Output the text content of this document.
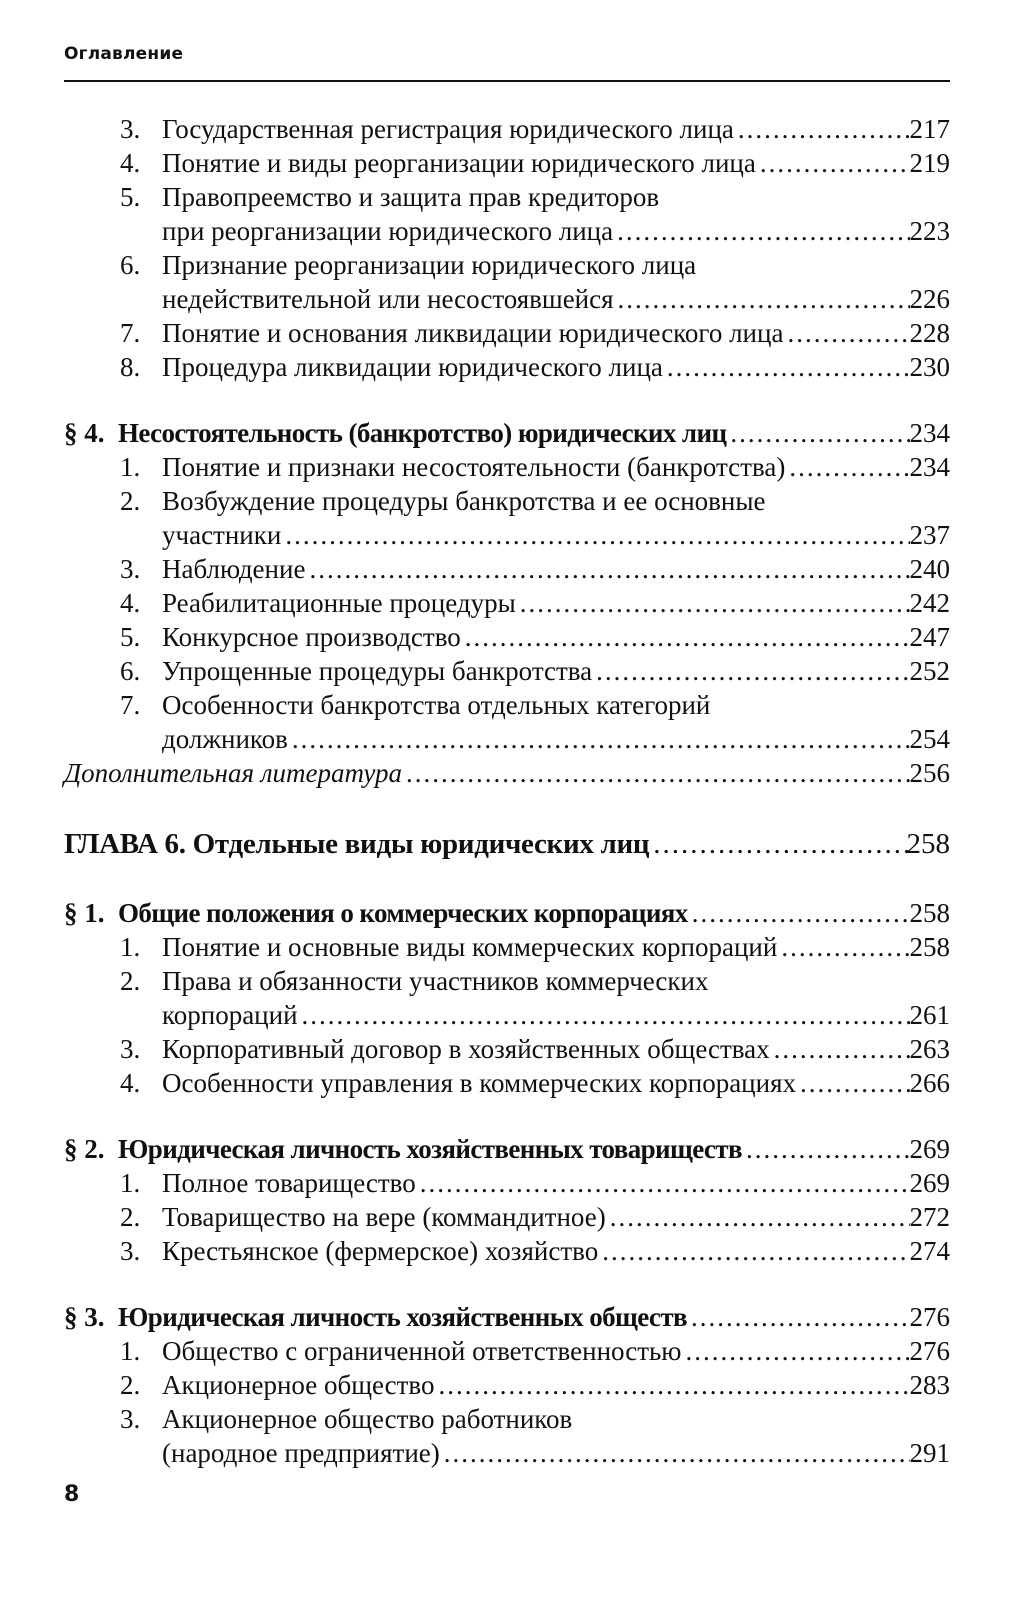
Оглавление
3. Государственная регистрация юридического лица .....	217
4. Понятие и виды реорганизации юридического лица .....	219
5. Правопреемство и защита прав кредиторов
при реорганизации юридического лица .....	223
6. Признание реорганизации юридического лица
недействительной или несостоявшейся .....	226
7. Понятие и основания ликвидации юридического лица .....	228
8. Процедура ликвидации юридического лица .....	230
§ 4. Несостоятельность (банкротство) юридических лиц .....	234
1. Понятие и признаки несостоятельности (банкротства) .....	234
2. Возбуждение процедуры банкротства и ее основные
участники .....	237
3. Наблюдение .....	240
4. Реабилитационные процедуры .....	242
5. Конкурсное производство .....	247
6. Упрощенные процедуры банкротства .....	252
7. Особенности банкротства отдельных категорий
должников .....	254
Дополнительная литература .....	256
ГЛАВА 6. Отдельные виды юридических лиц .....	258
§ 1. Общие положения о коммерческих корпорациях .....	258
1. Понятие и основные виды коммерческих корпораций .....	258
2. Права и обязанности участников коммерческих
корпораций .....	261
3. Корпоративный договор в хозяйственных обществах .....	263
4. Особенности управления в коммерческих корпорациях .....	266
§ 2. Юридическая личность хозяйственных товариществ .....	269
1. Полное товарищество .....	269
2. Товарищество на вере (коммандитное) .....	272
3. Крестьянское (фермерское) хозяйство .....	274
§ 3. Юридическая личность хозяйственных обществ .....	276
1. Общество с ограниченной ответственностью .....	276
2. Акционерное общество .....	283
3. Акционерное общество работников
(народное предприятие) .....	291
8
